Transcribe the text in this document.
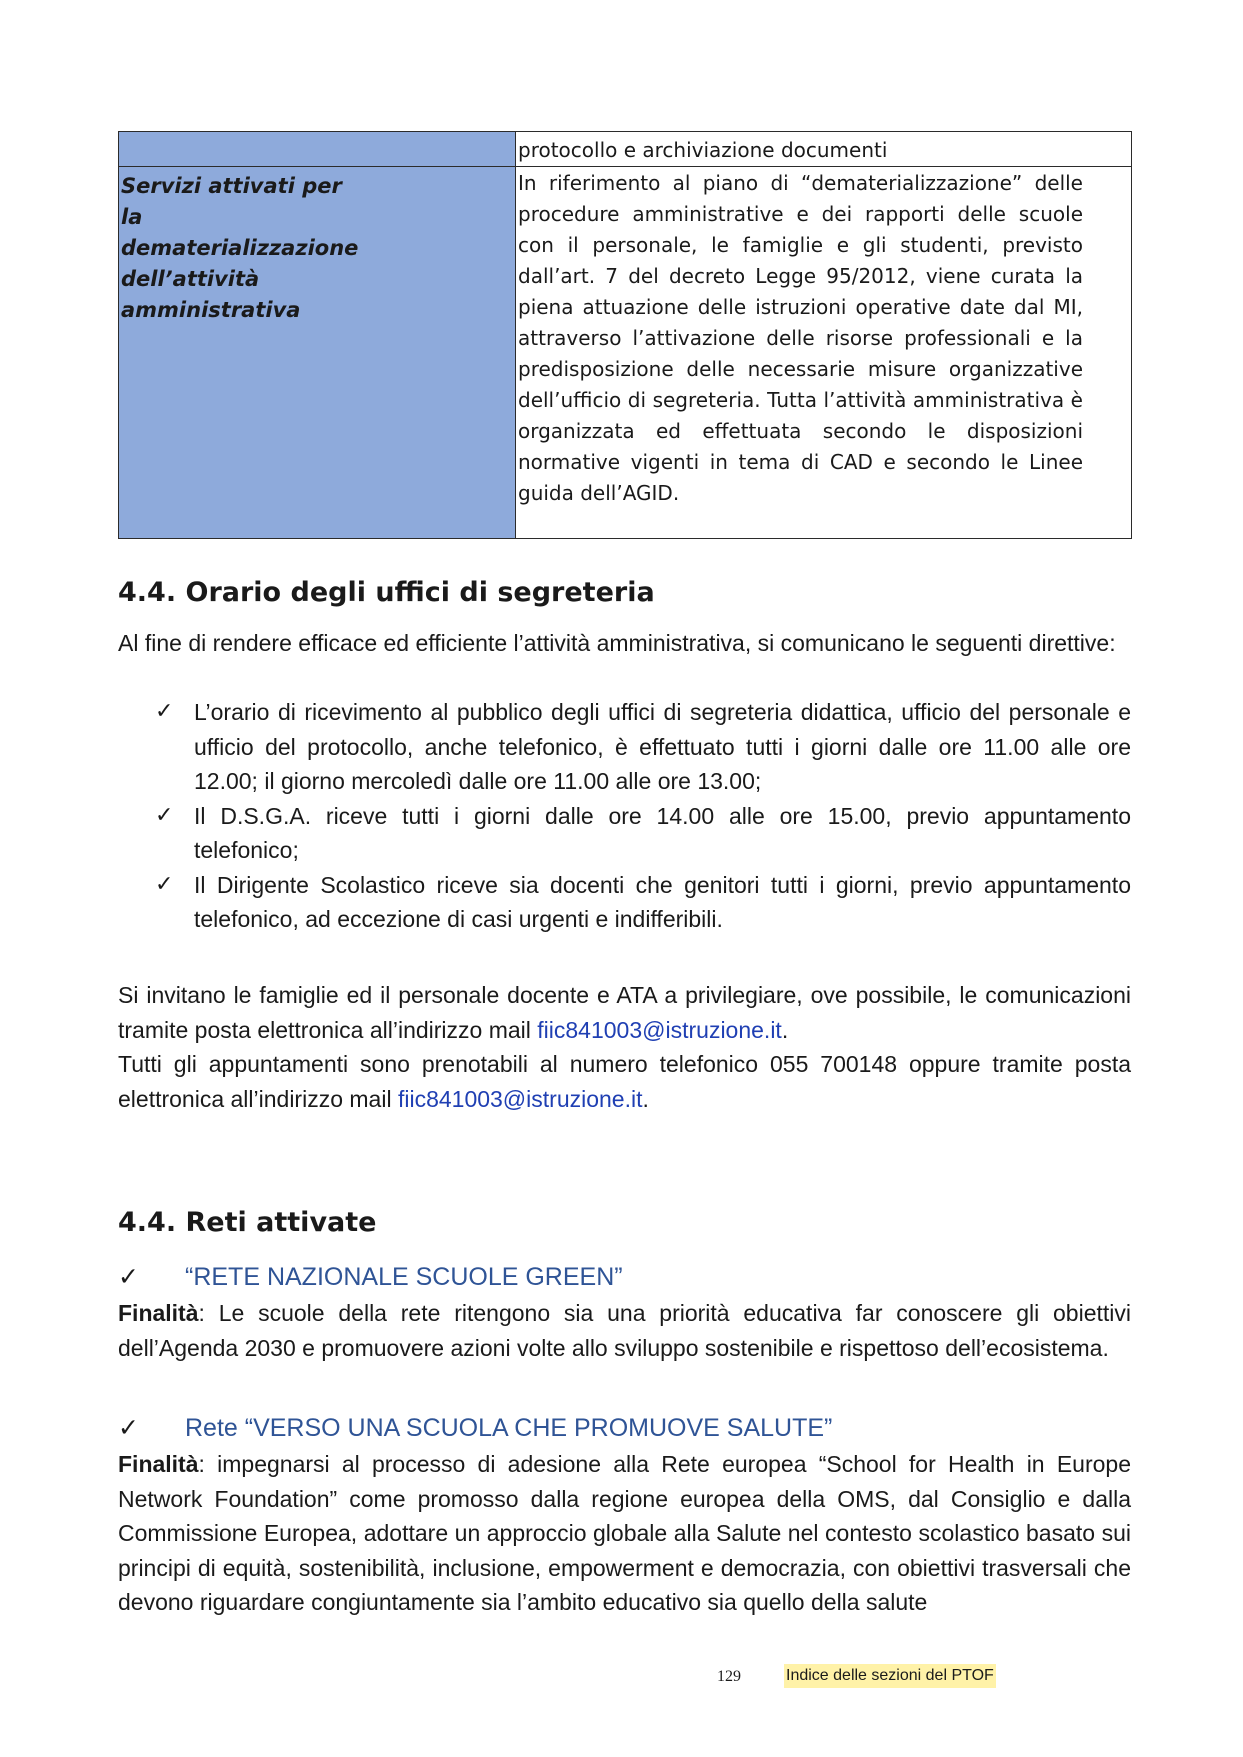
	protocollo e archiviazione documenti

Servizi attivati per la dematerializzazione dell’attività amministrativa	In riferimento al piano di “dematerializzazione” delle procedure amministrative e dei rapporti delle scuole con il personale, le famiglie e gli studenti, previsto dall’art. 7 del decreto Legge 95/2012, viene curata la piena attuazione delle istruzioni operative date dal MI, attraverso l’attivazione delle risorse professionali e la predisposizione delle necessarie misure organizzative dell’ufficio di segreteria. Tutta l’attività amministrativa è organizzata ed effettuata secondo le disposizioni normative vigenti in tema di CAD e secondo le Linee guida dell’AGID.
4.4. Orario degli uffici di segreteria

Al fine di rendere efficace ed efficiente l’attività amministrativa, si comunicano le seguenti direttive:

✓ L’orario di ricevimento al pubblico degli uffici di segreteria didattica, ufficio del personale e ufficio del protocollo, anche telefonico, è effettuato tutti i giorni dalle ore 11.00 alle ore 12.00; il giorno mercoledì dalle ore 11.00 alle ore 13.00;
✓ Il D.S.G.A. riceve tutti i giorni dalle ore 14.00 alle ore 15.00, previo appuntamento telefonico;
✓ Il Dirigente Scolastico riceve sia docenti che genitori tutti i giorni, previo appuntamento telefonico, ad eccezione di casi urgenti e indifferibili.

Si invitano le famiglie ed il personale docente e ATA a privilegiare, ove possibile, le comunicazioni tramite posta elettronica all’indirizzo mail fiic841003@istruzione.it.

Tutti gli appuntamenti sono prenotabili al numero telefonico 055 700148 oppure tramite posta elettronica all’indirizzo mail fiic841003@istruzione.it.

4.4. Reti attivate
✓ “RETE NAZIONALE SCUOLE GREEN”

Finalità: Le scuole della rete ritengono sia una priorità educativa far conoscere gli obiettivi dell’Agenda 2030 e promuovere azioni volte allo sviluppo sostenibile e rispettoso dell’ecosistema.

✓ Rete “VERSO UNA SCUOLA CHE PROMUOVE SALUTE”

Finalità: impegnarsi al processo di adesione alla Rete europea “School for Health in Europe Network Foundation” come promosso dalla regione europea della OMS, dal Consiglio e dalla Commissione Europea, adottare un approccio globale alla Salute nel contesto scolastico basato sui principi di equità, sostenibilità, inclusione, empowerment e democrazia, con obiettivi trasversali che devono riguardare congiuntamente sia l’ambito educativo sia quello della salute

129	Indice delle sezioni del PTOF
